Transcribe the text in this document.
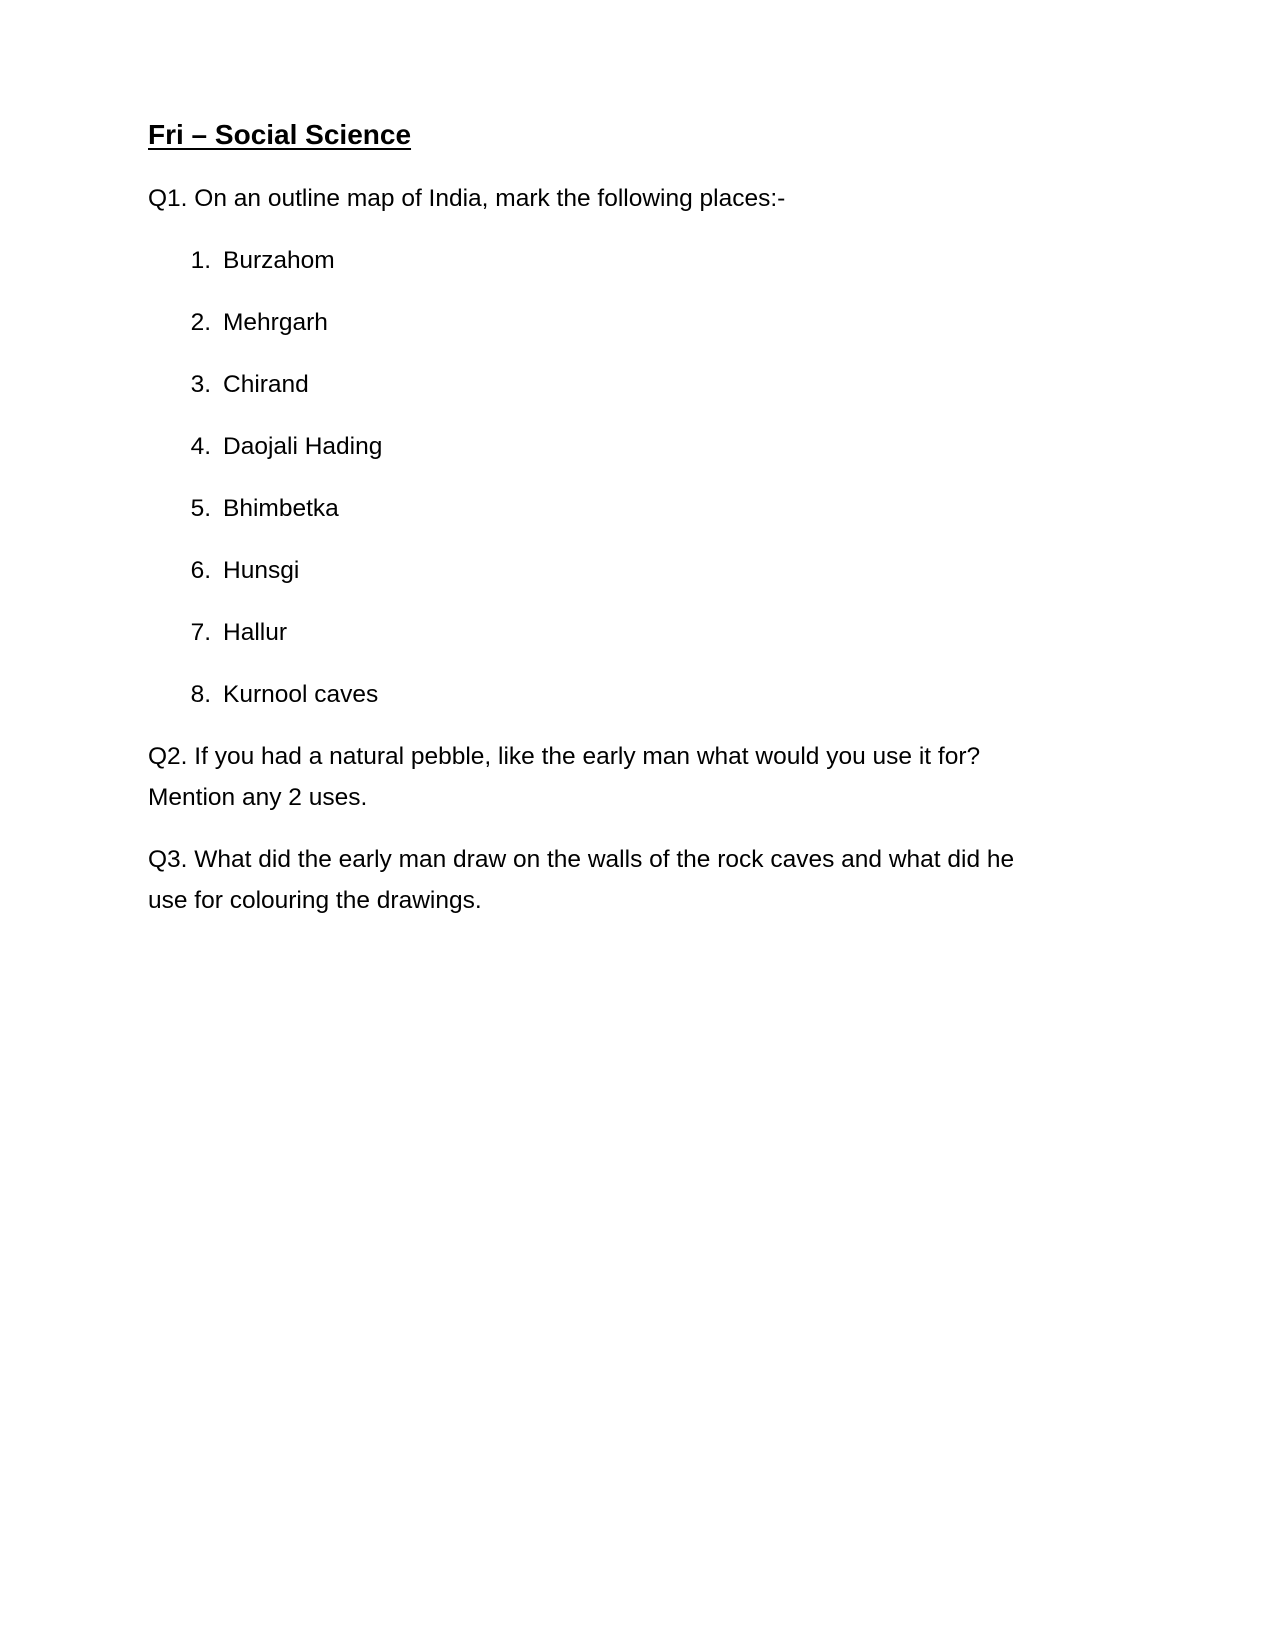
Fri – Social Science
Q1. On an outline map of India, mark the following places:-
1. Burzahom
2. Mehrgarh
3. Chirand
4. Daojali Hading
5. Bhimbetka
6. Hunsgi
7. Hallur
8. Kurnool caves
Q2. If you had a natural pebble, like the early man what would you use it for?
Mention any 2 uses.
Q3. What did the early man draw on the walls of the rock caves and what did he
use for colouring the drawings.
